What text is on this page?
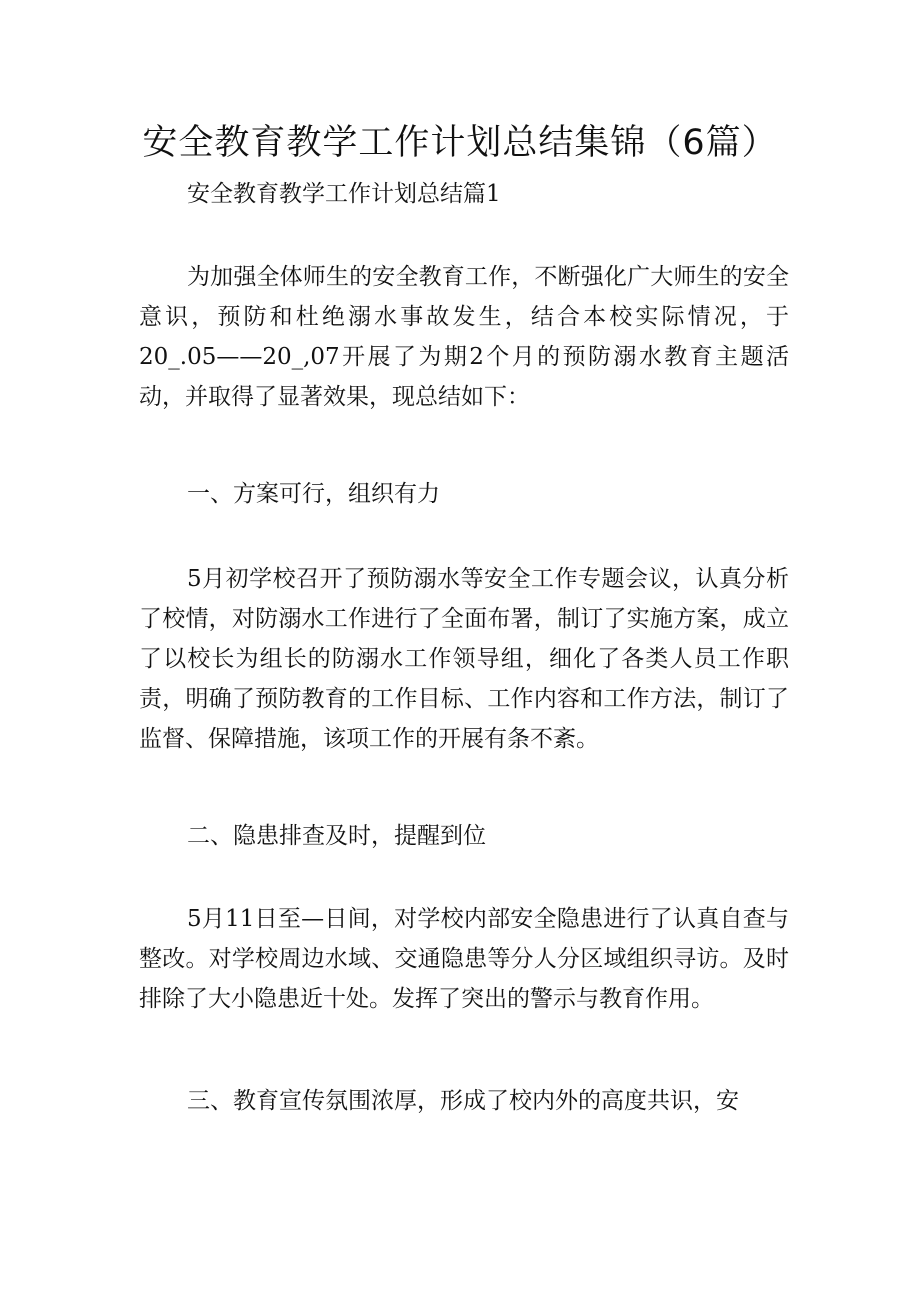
安全教育教学工作计划总结集锦（6篇）
安全教育教学工作计划总结篇1

为加强全体师生的安全教育工作，不断强化广大师生的安全意识，预防和杜绝溺水事故发生，结合本校实际情况，于20_.05——20_,07开展了为期2个月的预防溺水教育主题活动，并取得了显著效果，现总结如下：

一、方案可行，组织有力

5月初学校召开了预防溺水等安全工作专题会议，认真分析了校情，对防溺水工作进行了全面布署，制订了实施方案，成立了以校长为组长的防溺水工作领导组，细化了各类人员工作职责，明确了预防教育的工作目标、工作内容和工作方法，制订了监督、保障措施，该项工作的开展有条不紊。

二、隐患排查及时，提醒到位

5月11日至—日间，对学校内部安全隐患进行了认真自查与整改。对学校周边水域、交通隐患等分人分区域组织寻访。及时排除了大小隐患近十处。发挥了突出的警示与教育作用。

三、教育宣传氛围浓厚，形成了校内外的高度共识，安
